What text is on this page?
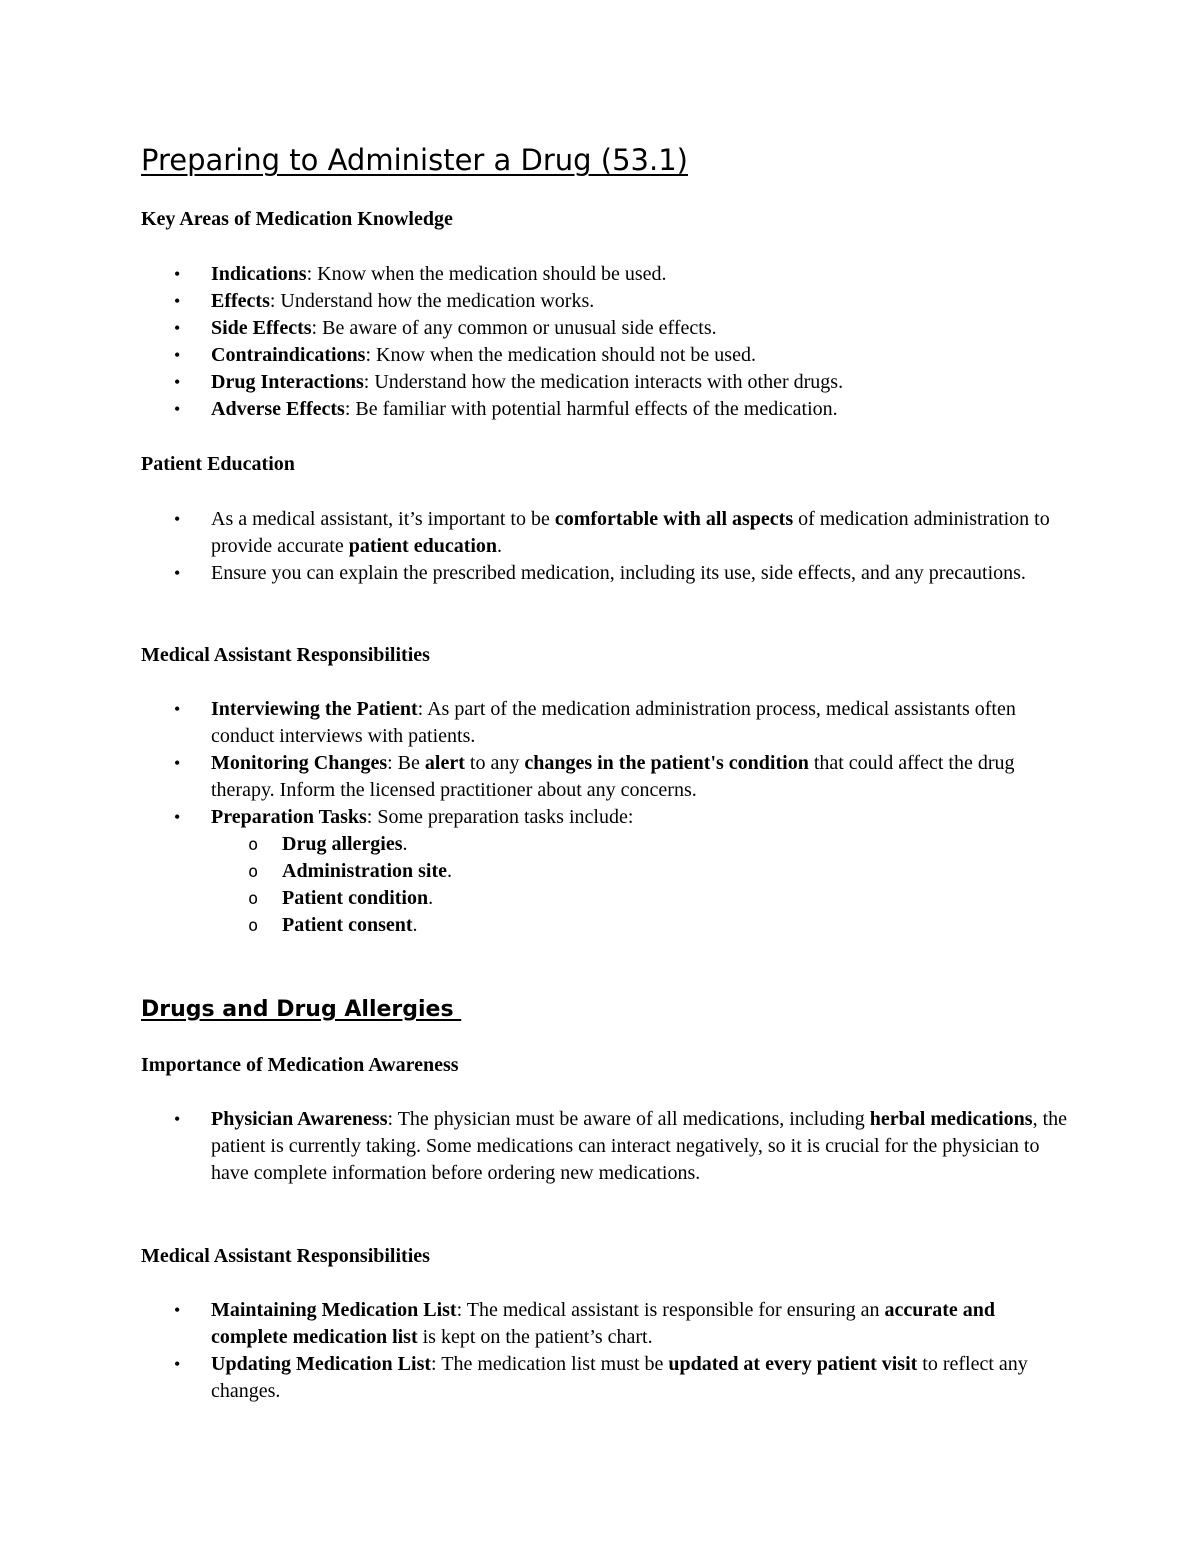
Preparing to Administer a Drug (53.1)

Key Areas of Medication Knowledge

• Indications: Know when the medication should be used.
• Effects: Understand how the medication works.
• Side Effects: Be aware of any common or unusual side effects.
• Contraindications: Know when the medication should not be used.
• Drug Interactions: Understand how the medication interacts with other drugs.
• Adverse Effects: Be familiar with potential harmful effects of the medication.

Patient Education

• As a medical assistant, it’s important to be comfortable with all aspects of medication administration to provide accurate patient education.
• Ensure you can explain the prescribed medication, including its use, side effects, and any precautions.

Medical Assistant Responsibilities

• Interviewing the Patient: As part of the medication administration process, medical assistants often conduct interviews with patients.
• Monitoring Changes: Be alert to any changes in the patient's condition that could affect the drug therapy. Inform the licensed practitioner about any concerns.
• Preparation Tasks: Some preparation tasks include:
o Drug allergies.
o Administration site.
o Patient condition.
o Patient consent.
Drugs and Drug Allergies

Importance of Medication Awareness

• Physician Awareness: The physician must be aware of all medications, including herbal medications, the patient is currently taking. Some medications can interact negatively, so it is crucial for the physician to have complete information before ordering new medications.

Medical Assistant Responsibilities

• Maintaining Medication List: The medical assistant is responsible for ensuring an accurate and complete medication list is kept on the patient’s chart.
• Updating Medication List: The medication list must be updated at every patient visit to reflect any changes.
